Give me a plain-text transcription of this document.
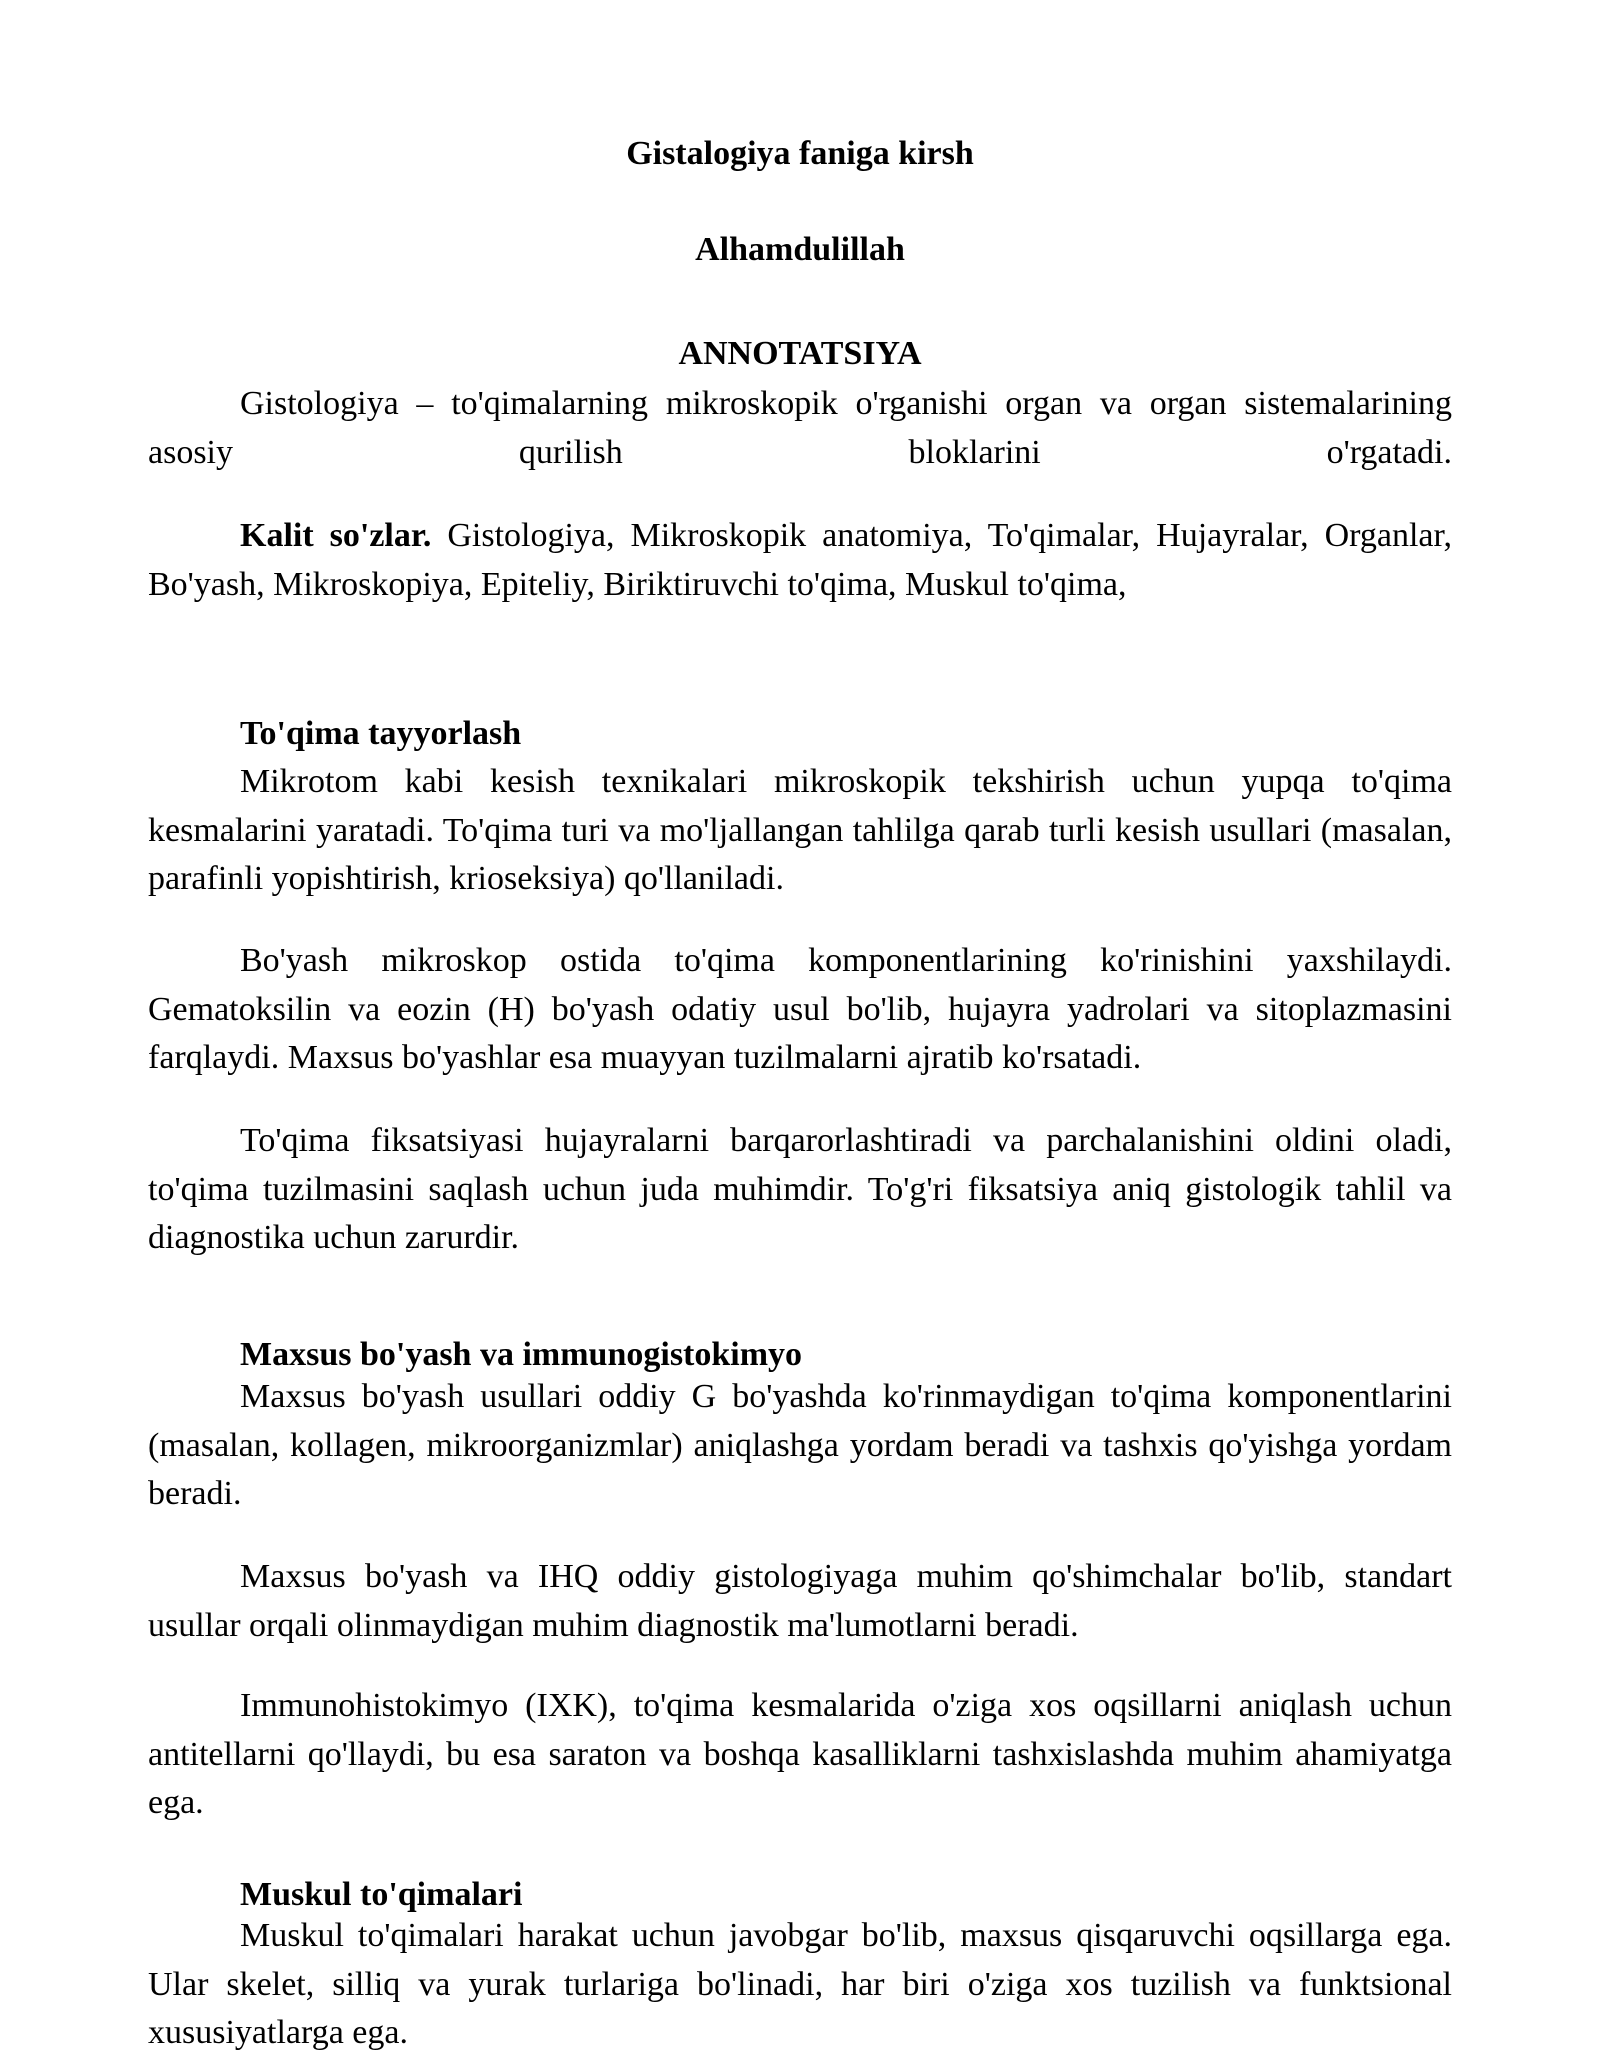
Gistalogiya faniga kirsh
Alhamdulillah
ANNOTATSIYA

Gistologiya – to'qimalarning mikroskopik o'rganishi organ va organ sistemalarining asosiy qurilish bloklarini o'rgatadi.

Kalit so'zlar. Gistologiya, Mikroskopik anatomiya, To'qimalar, Hujayralar, Organlar, Bo'yash, Mikroskopiya, Epiteliy, Biriktiruvchi to'qima, Muskul to'qima,

To'qima tayyorlash

Mikrotom kabi kesish texnikalari mikroskopik tekshirish uchun yupqa to'qima kesmalarini yaratadi. To'qima turi va mo'ljallangan tahlilga qarab turli kesish usullari (masalan, parafinli yopishtirish, krioseksiya) qo'llaniladi.

Bo'yash mikroskop ostida to'qima komponentlarining ko'rinishini yaxshilaydi. Gematoksilin va eozin (H) bo'yash odatiy usul bo'lib, hujayra yadrolari va sitoplazmasini farqlaydi. Maxsus bo'yashlar esa muayyan tuzilmalarni ajratib ko'rsatadi.

To'qima fiksatsiyasi hujayralarni barqarorlashtiradi va parchalanishini oldini oladi, to'qima tuzilmasini saqlash uchun juda muhimdir. To'g'ri fiksatsiya aniq gistologik tahlil va diagnostika uchun zarurdir.

Maxsus bo'yash va immunogistokimyo

Maxsus bo'yash usullari oddiy G bo'yashda ko'rinmaydigan to'qima komponentlarini (masalan, kollagen, mikroorganizmlar) aniqlashga yordam beradi va tashxis qo'yishga yordam beradi.

Maxsus bo'yash va IHQ oddiy gistologiyaga muhim qo'shimchalar bo'lib, standart usullar orqali olinmaydigan muhim diagnostik ma'lumotlarni beradi.

Immunohistokimyo (IXK), to'qima kesmalarida o'ziga xos oqsillarni aniqlash uchun antitellarni qo'llaydi, bu esa saraton va boshqa kasalliklarni tashxislashda muhim ahamiyatga ega.

Muskul to'qimalari

Muskul to'qimalari harakat uchun javobgar bo'lib, maxsus qisqaruvchi oqsillarga ega. Ular skelet, silliq va yurak turlariga bo'linadi, har biri o'ziga xos tuzilish va funktsional xususiyatlarga ega.
